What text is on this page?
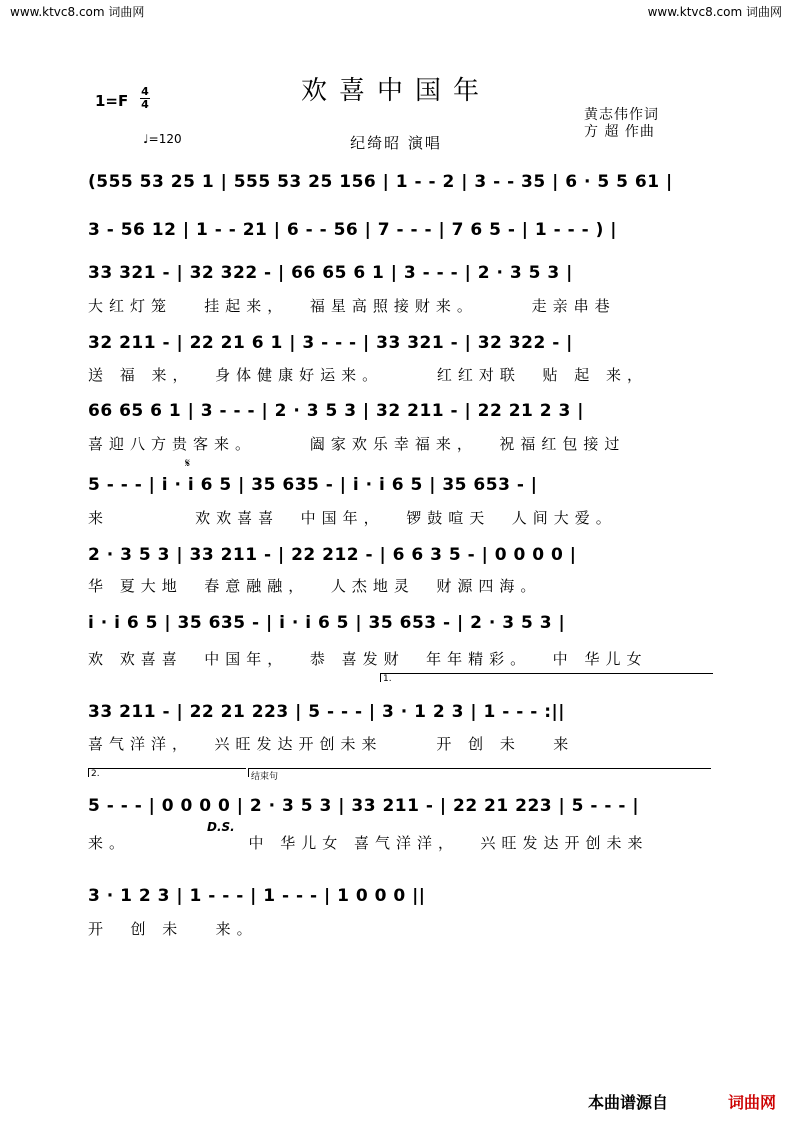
www.ktvc8.com 词曲网	www.ktvc8.com 词曲网
欢喜中国年
1=F
4
4
♩=120	纪绮昭 演唱
黄志伟作词
方 超 作曲
(555 53 25 1 | 555 53 25 156 | 1 - - 2 | 3 - - 35 | 6 · 5 5 61 |
3 - 56 12 | 1 - - 21 | 6 - - 56 | 7 - - - | 7 6 5 - | 1 - - - ) |
33 321 - | 32 322 - | 66 65 6 1 | 3 - - - | 2 · 3 5 3 |
大红灯笼   挂起来，  福星高照接财来。     走亲串巷
32 211 - | 22 21 6 1 | 3 - - - | 33 321 - | 32 322 - |
送 福 来，  身体健康好运来。     红红对联  贴 起 来，
66 65 6 1 | 3 - - - | 2 · 3 5 3 | 32 211 - | 22 21 2 3 |
喜迎八方贵客来。     阖家欢乐幸福来，  祝福红包接过
𝄋
5 - - - | i · i 6 5 | 35 635 - | i · i 6 5 | 35 653 - |
来        欢欢喜喜  中国年，  锣鼓喧天  人间大爱。
2 · 3 5 3 | 33 211 - | 22 212 - | 6 6 3 5 - | 0 0 0 0 |
华 夏大地  春意融融，  人杰地灵  财源四海。
i · i 6 5 | 35 635 - | i · i 6 5 | 35 653 - | 2 · 3 5 3 |
欢 欢喜喜  中国年，  恭 喜发财  年年精彩。  中 华儿女
1.
33 211 - | 22 21 223 | 5 - - - | 3 · 1 2 3 | 1 - - - :||
喜气洋洋，  兴旺发达开创未来     开 创 未   来
2.	结束句
5 - - - | 0 0 0 0 | 2 · 3 5 3 | 33 211 - | 22 21 223 | 5 - - - |
D.S.
来。           中 华儿女 喜气洋洋，  兴旺发达开创未来
3 · 1 2 3 | 1 - - - | 1 - - - | 1 0 0 0 ||
开  创 未   来。
本曲谱源自	词曲网
